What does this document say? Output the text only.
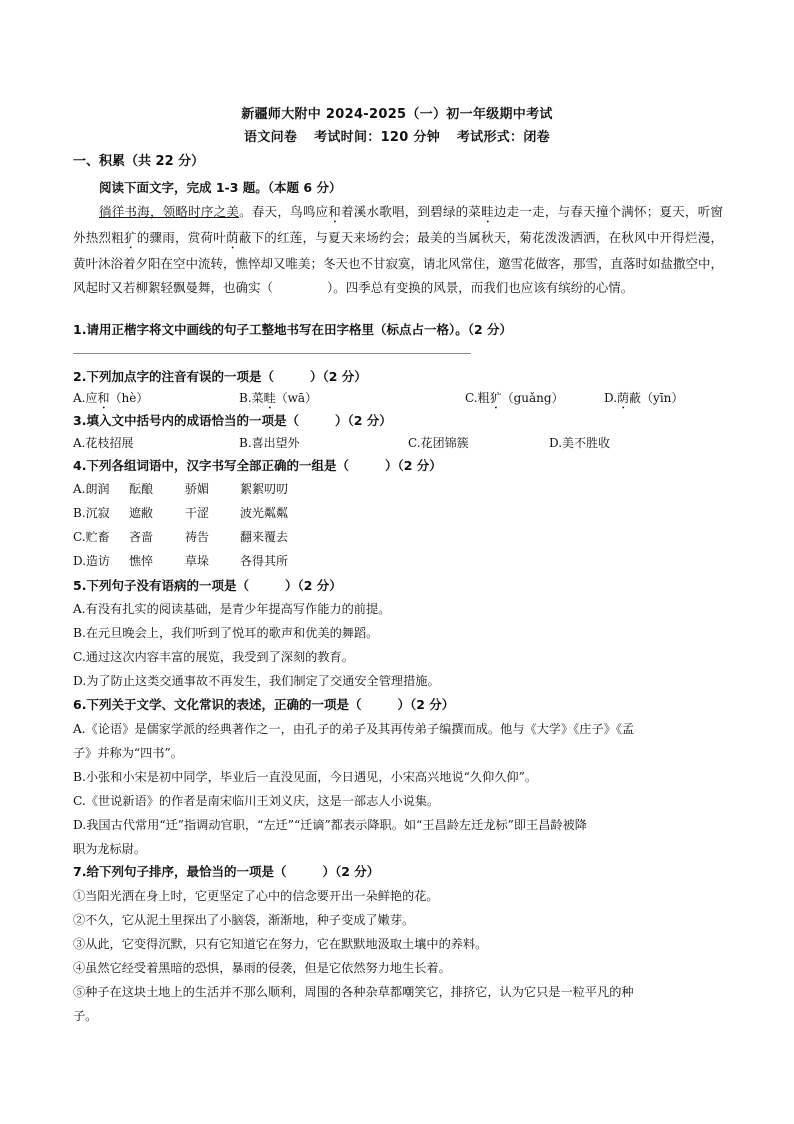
新疆师大附中 2024-2025（一）初一年级期中考试
语文问卷 考试时间：120 分钟 考试形式：闭卷
一、积累（共 22 分）
阅读下面文字，完成 1-3 题。（本题 6 分）
徜徉书海，领略时序之美。春天，鸟鸣应和着溪水歌唱，到碧绿的菜畦边走一走，与春天撞个满怀；夏天，听窗外热烈粗犷的骤雨，赏荷叶荫蔽下的红莲，与夏天来场约会；最美的当属秋天，菊花泼泼洒洒，在秋风中开得烂漫，黄叶沐浴着夕阳在空中流转，憔悴却又唯美；冬天也不甘寂寞，请北风常住，邀雪花做客，那雪，直落时如盐撒空中，风起时又若柳絮轻飘曼舞，也确实（	）。四季总有变换的风景，而我们也应该有缤纷的心情。
1.请用正楷字将文中画线的句子工整地书写在田字格里（标点占一格）。（2 分）
2.下列加点字的注音有误的一项是（	）（2 分）
A.应和（hè）	B.菜畦（wā）	C.粗犷（guǎng）	D.荫蔽（yīn）
3.填入文中括号内的成语恰当的一项是（	）（2 分）
A.花枝招展	B.喜出望外	C.花团锦簇	D.美不胜收
4.下列各组词语中，汉字书写全部正确的一组是（	）（2 分）
A.朗润 酝酿	骄媚	絮絮叨叨
B.沉寂 遮敝	干涩	波光粼粼
C.贮畜 吝啬	祷告	翻来覆去
D.造访 憔悴	草垛	各得其所
5.下列句子没有语病的一项是（	）（2 分）
A.有没有扎实的阅读基础，是青少年提高写作能力的前提。
B.在元旦晚会上，我们听到了悦耳的歌声和优美的舞蹈。
C.通过这次内容丰富的展览，我受到了深刻的教育。
D.为了防止这类交通事故不再发生，我们制定了交通安全管理措施。
6.下列关于文学、文化常识的表述，正确的一项是（	）（2 分）
A.《论语》是儒家学派的经典著作之一，由孔子的弟子及其再传弟子编撰而成。他与《大学》《庄子》《孟
子》并称为“四书”。
B.小张和小宋是初中同学，毕业后一直没见面，今日遇见，小宋高兴地说“久仰久仰”。
C.《世说新语》的作者是南宋临川王刘义庆，这是一部志人小说集。
D.我国古代常用“迁”指调动官职，“左迁”“迁谪”都表示降职。如“王昌龄左迁龙标”即王昌龄被降
职为龙标尉。
7.给下列句子排序，最恰当的一项是（	）（2 分）
①当阳光洒在身上时，它更坚定了心中的信念要开出一朵鲜艳的花。
②不久，它从泥土里探出了小脑袋，渐渐地，种子变成了嫩芽。
③从此，它变得沉默，只有它知道它在努力，它在默默地汲取土壤中的养料。
④虽然它经受着黑暗的恐惧，暴雨的侵袭，但是它依然努力地生长着。
⑤种子在这块土地上的生活并不那么顺利，周围的各种杂草都嘲笑它，排挤它，认为它只是一粒平凡的种
子。
